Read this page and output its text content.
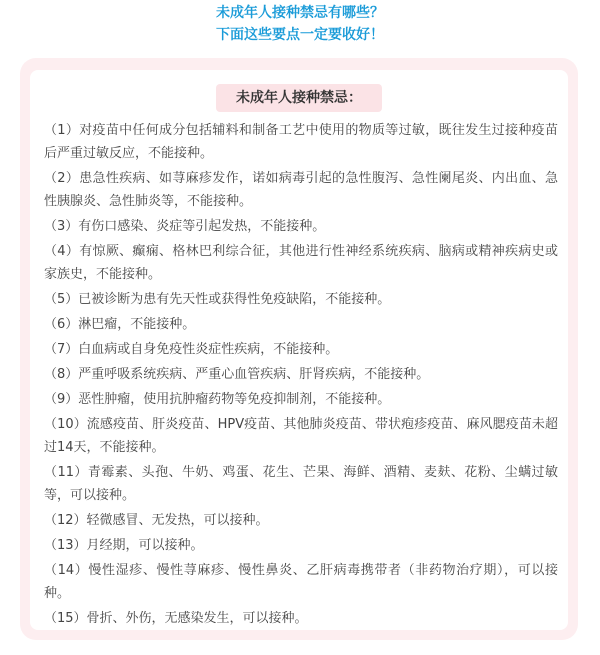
未成年人接种禁忌有哪些？

下面这些要点一定要收好！

未成年人接种禁忌：
（1）对疫苗中任何成分包括辅料和制备工艺中使用的物质等过敏，既往发生过接种疫苗后严重过敏反应，不能接种。
（2）患急性疾病、如荨麻疹发作，诺如病毒引起的急性腹泻、急性阑尾炎、内出血、急性胰腺炎、急性肺炎等，不能接种。
（3）有伤口感染、炎症等引起发热，不能接种。
（4）有惊厥、癫痫、格林巴利综合征，其他进行性神经系统疾病、脑病或精神疾病史或家族史，不能接种。
（5）已被诊断为患有先天性或获得性免疫缺陷，不能接种。
（6）淋巴瘤，不能接种。
（7）白血病或自身免疫性炎症性疾病，不能接种。
（8）严重呼吸系统疾病、严重心血管疾病、肝肾疾病，不能接种。
（9）恶性肿瘤，使用抗肿瘤药物等免疫抑制剂，不能接种。
（10）流感疫苗、肝炎疫苗、HPV疫苗、其他肺炎疫苗、带状疱疹疫苗、麻风腮疫苗未超过14天，不能接种。
（11）青霉素、头孢、牛奶、鸡蛋、花生、芒果、海鲜、酒精、麦麸、花粉、尘螨过敏等，可以接种。
（12）轻微感冒、无发热，可以接种。
（13）月经期，可以接种。
（14）慢性湿疹、慢性荨麻疹、慢性鼻炎、乙肝病毒携带者（非药物治疗期），可以接种。
（15）骨折、外伤，无感染发生，可以接种。
